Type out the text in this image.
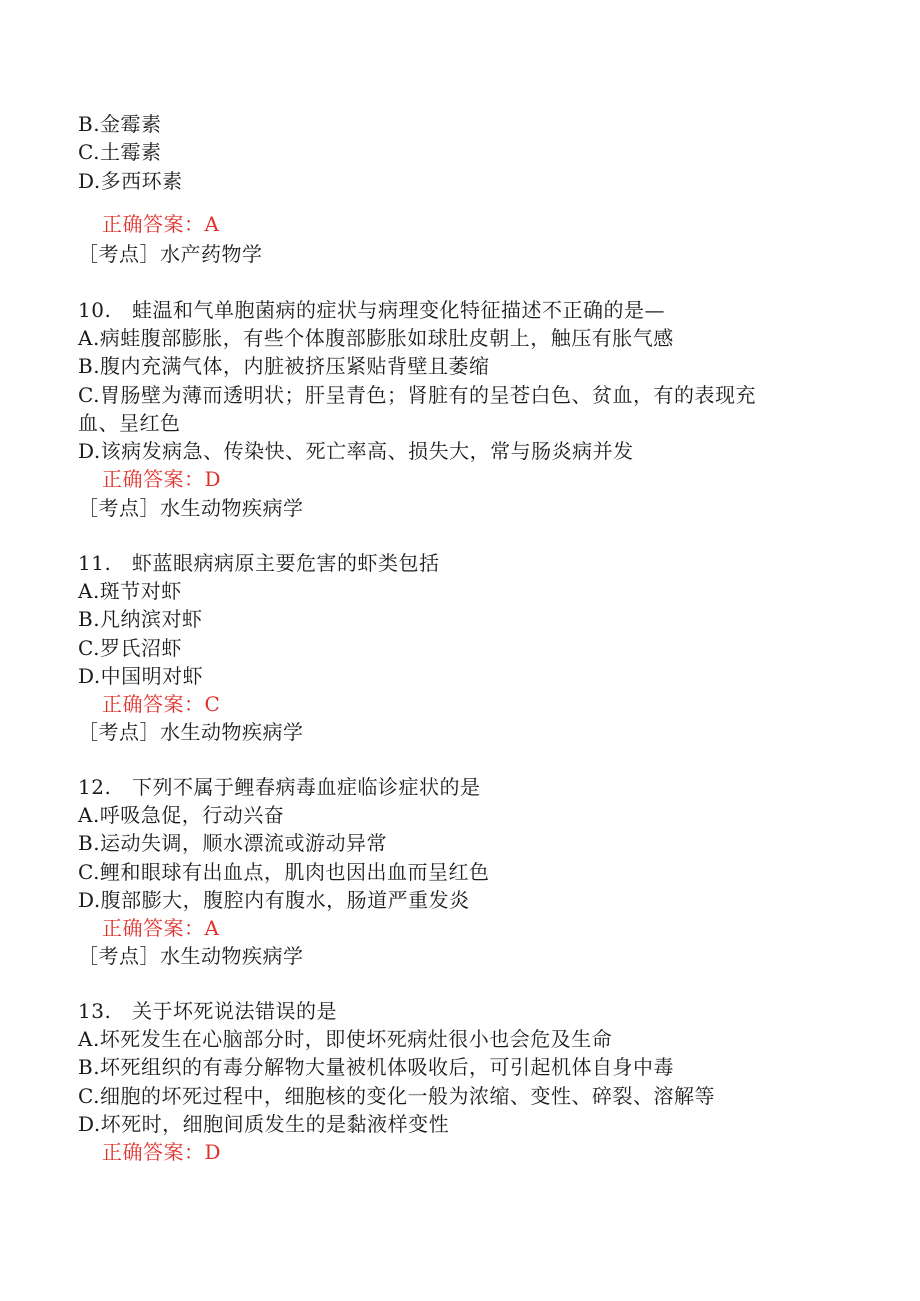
B.金霉素
C.土霉素
D.多西环素
正确答案：A
［考点］水产药物学
10. 蛙温和气单胞菌病的症状与病理变化特征描述不正确的是—
A.病蛙腹部膨胀，有些个体腹部膨胀如球肚皮朝上，触压有胀气感
B.腹内充满气体，内脏被挤压紧贴背壁且萎缩
C.胃肠壁为薄而透明状；肝呈青色；肾脏有的呈苍白色、贫血，有的表现充
血、呈红色
D.该病发病急、传染快、死亡率高、损失大，常与肠炎病并发
正确答案：D
［考点］水生动物疾病学
11. 虾蓝眼病病原主要危害的虾类包括
A.斑节对虾
B.凡纳滨对虾
C.罗氏沼虾
D.中国明对虾
正确答案：C
［考点］水生动物疾病学
12. 下列不属于鲤春病毒血症临诊症状的是
A.呼吸急促，行动兴奋
B.运动失调，顺水漂流或游动异常
C.鲤和眼球有出血点，肌肉也因出血而呈红色
D.腹部膨大，腹腔内有腹水，肠道严重发炎
正确答案：A
［考点］水生动物疾病学
13. 关于坏死说法错误的是
A.坏死发生在心脑部分时，即使坏死病灶很小也会危及生命
B.坏死组织的有毒分解物大量被机体吸收后，可引起机体自身中毒
C.细胞的坏死过程中，细胞核的变化一般为浓缩、变性、碎裂、溶解等
D.坏死时，细胞间质发生的是黏液样变性
正确答案：D
